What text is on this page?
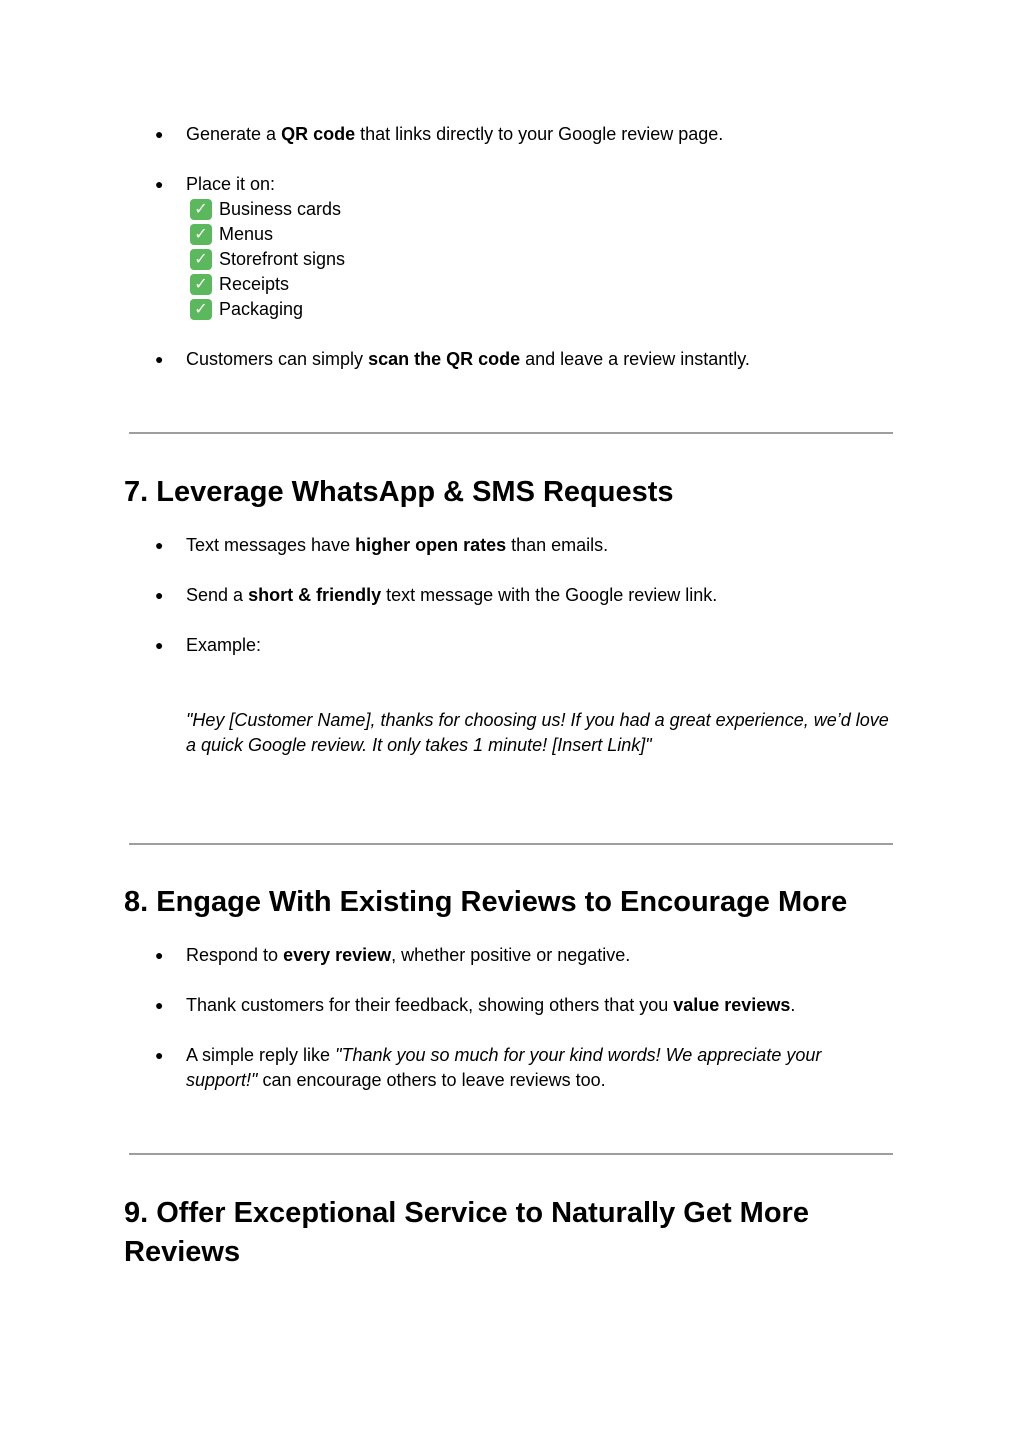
● Generate a QR code that links directly to your Google review page.
● Place it on:
✓ Business cards
✓ Menus
✓ Storefront signs
✓ Receipts
✓ Packaging
● Customers can simply scan the QR code and leave a review instantly.
7. Leverage WhatsApp & SMS Requests
● Text messages have higher open rates than emails.
● Send a short & friendly text message with the Google review link.
● Example:
"Hey [Customer Name], thanks for choosing us! If you had a great experience, we’d love a quick Google review. It only takes 1 minute! [Insert Link]"
8. Engage With Existing Reviews to Encourage More
● Respond to every review, whether positive or negative.
● Thank customers for their feedback, showing others that you value reviews.
● A simple reply like "Thank you so much for your kind words! We appreciate your support!" can encourage others to leave reviews too.
9. Offer Exceptional Service to Naturally Get More Reviews
